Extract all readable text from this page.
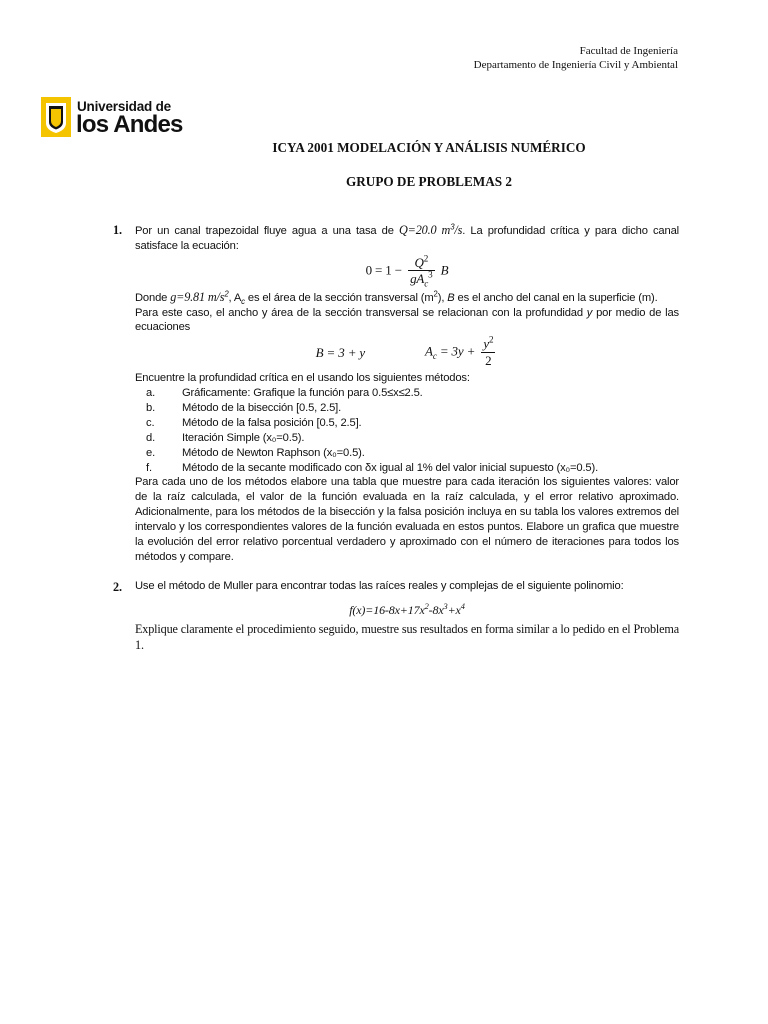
Facultad de Ingeniería
Departamento de Ingeniería Civil y Ambiental
Universidad de
los Andes
ICYA 2001 MODELACIÓN Y ANÁLISIS NUMÉRICO
GRUPO DE PROBLEMAS 2
1. Por un canal trapezoidal fluye agua a una tasa de Q=20.0 $m^3/s$. La profundidad crítica y para dicho canal satisface la ecuación:
$0 = 1 - \frac{Q^2}{gA_c^3}$ B
Donde g=9.81 $m/s^2$, $A_c$ es el área de la sección transversal $(m^2)$, B es el ancho del canal en la superficie (m).
Para este caso, el ancho y área de la sección transversal se relacionan con la profundidad y por medio de las ecuaciones
B = 3 + y	$A_c = 3y + \frac{y^2}{2}$
Encuentre la profundidad crítica en el usando los siguientes métodos:
a. Gráficamente: Grafique la función para 0.5≤x≤2.5.
b. Método de la bisección [0.5, 2.5].
c. Método de la falsa posición [0.5, 2.5].
d. Iteración Simple (x₀=0.5).
e. Método de Newton Raphson (x₀=0.5).
f.	Método de la secante modificado con δx igual al 1% del valor inicial supuesto (x₀=0.5).
Para cada uno de los métodos elabore una tabla que muestre para cada iteración los siguientes valores: valor de la raíz calculada, el valor de la función evaluada en la raíz calculada, y el error relativo aproximado. Adicionalmente, para los métodos de la bisección y la falsa posición incluya en su tabla los valores extremos del intervalo y los correspondientes valores de la función evaluada en estos puntos. Elabore un grafica que muestre la evolución del error relativo porcentual verdadero y aproximado con el número de iteraciones para todos los métodos y compare.
2. Use el método de Muller para encontrar todas las raíces reales y complejas de el siguiente polinomio:
$f(x)=16-8x+17x^2-8x^3+x^4$
Explique claramente el procedimiento seguido, muestre sus resultados en forma similar a lo pedido en el Problema 1.
